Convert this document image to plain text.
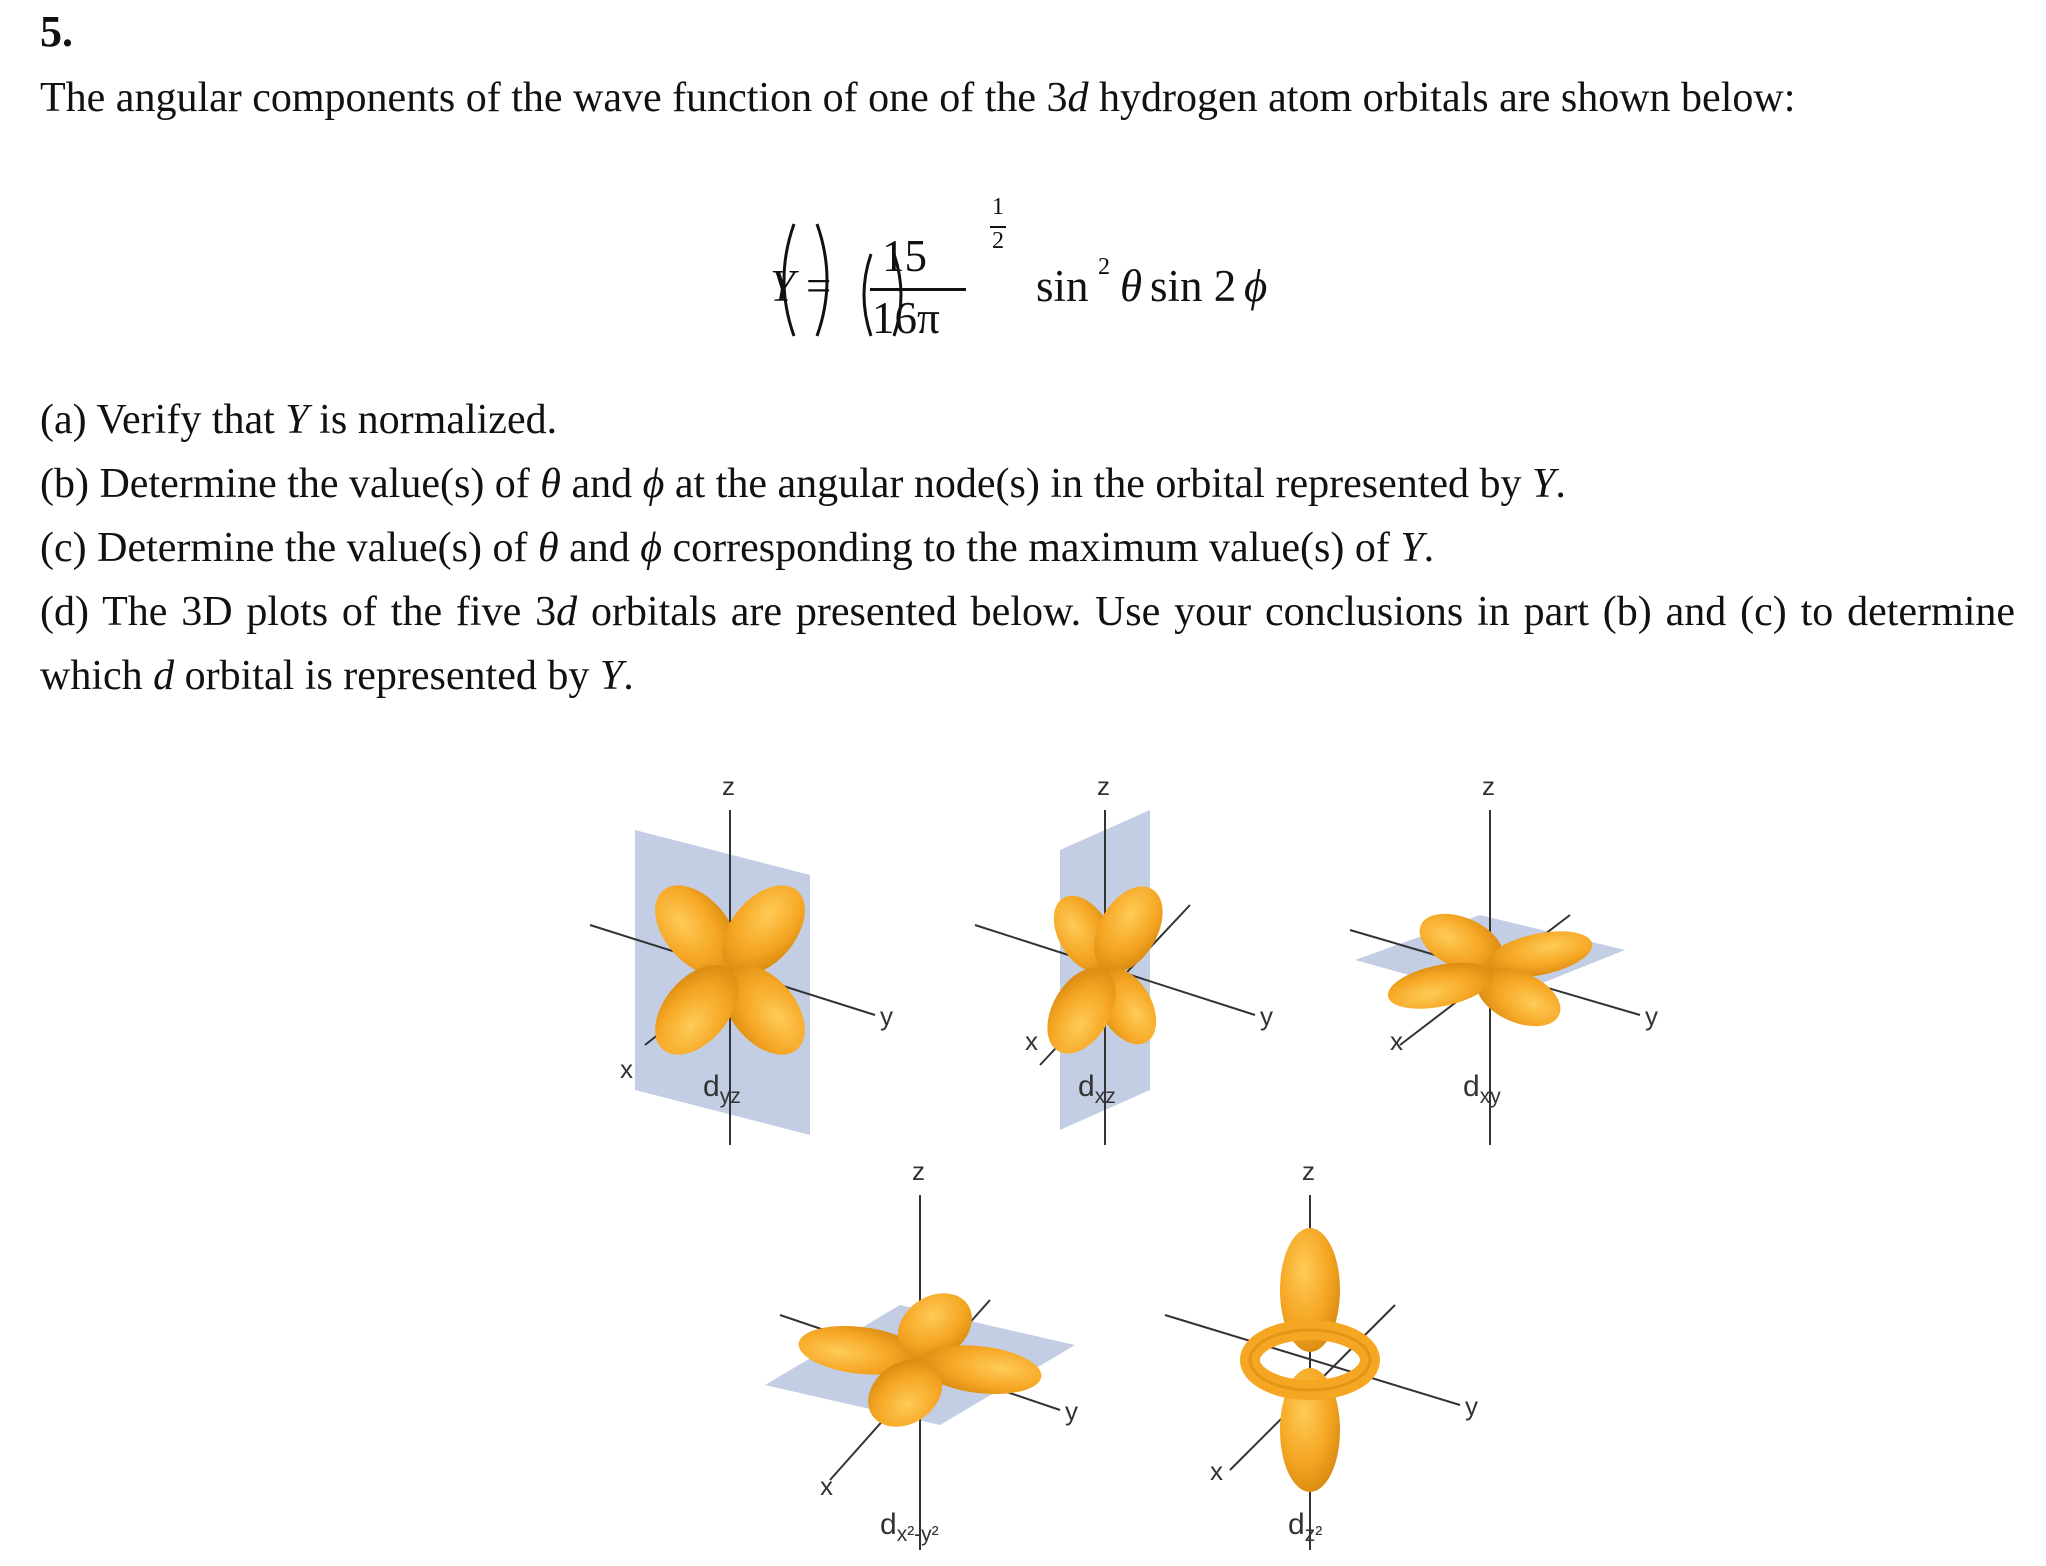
5.
The angular components of the wave function of one of the 3d hydrogen atom orbitals are shown below:
Y =

15
16π

1
2

sin 2 θ sin 2 ϕ

(a) Verify that Y is normalized.

(b) Determine the value(s) of θ and ϕ at the angular node(s) in the orbital represented by Y.

(c) Determine the value(s) of θ and ϕ corresponding to the maximum value(s) of Y.

(d) The 3D plots of the five 3d orbitals are presented below. Use your conclusions in part (b) and (c) to determine which d orbital is represented by Y.

z
y
x
z
y
x
z
y
x
z
y
x
z
y
x
$d_{yz}$	$d_{xz}$	$d_{xy}$
$d_{x^2-y^2}$	$d_{z^2}$
